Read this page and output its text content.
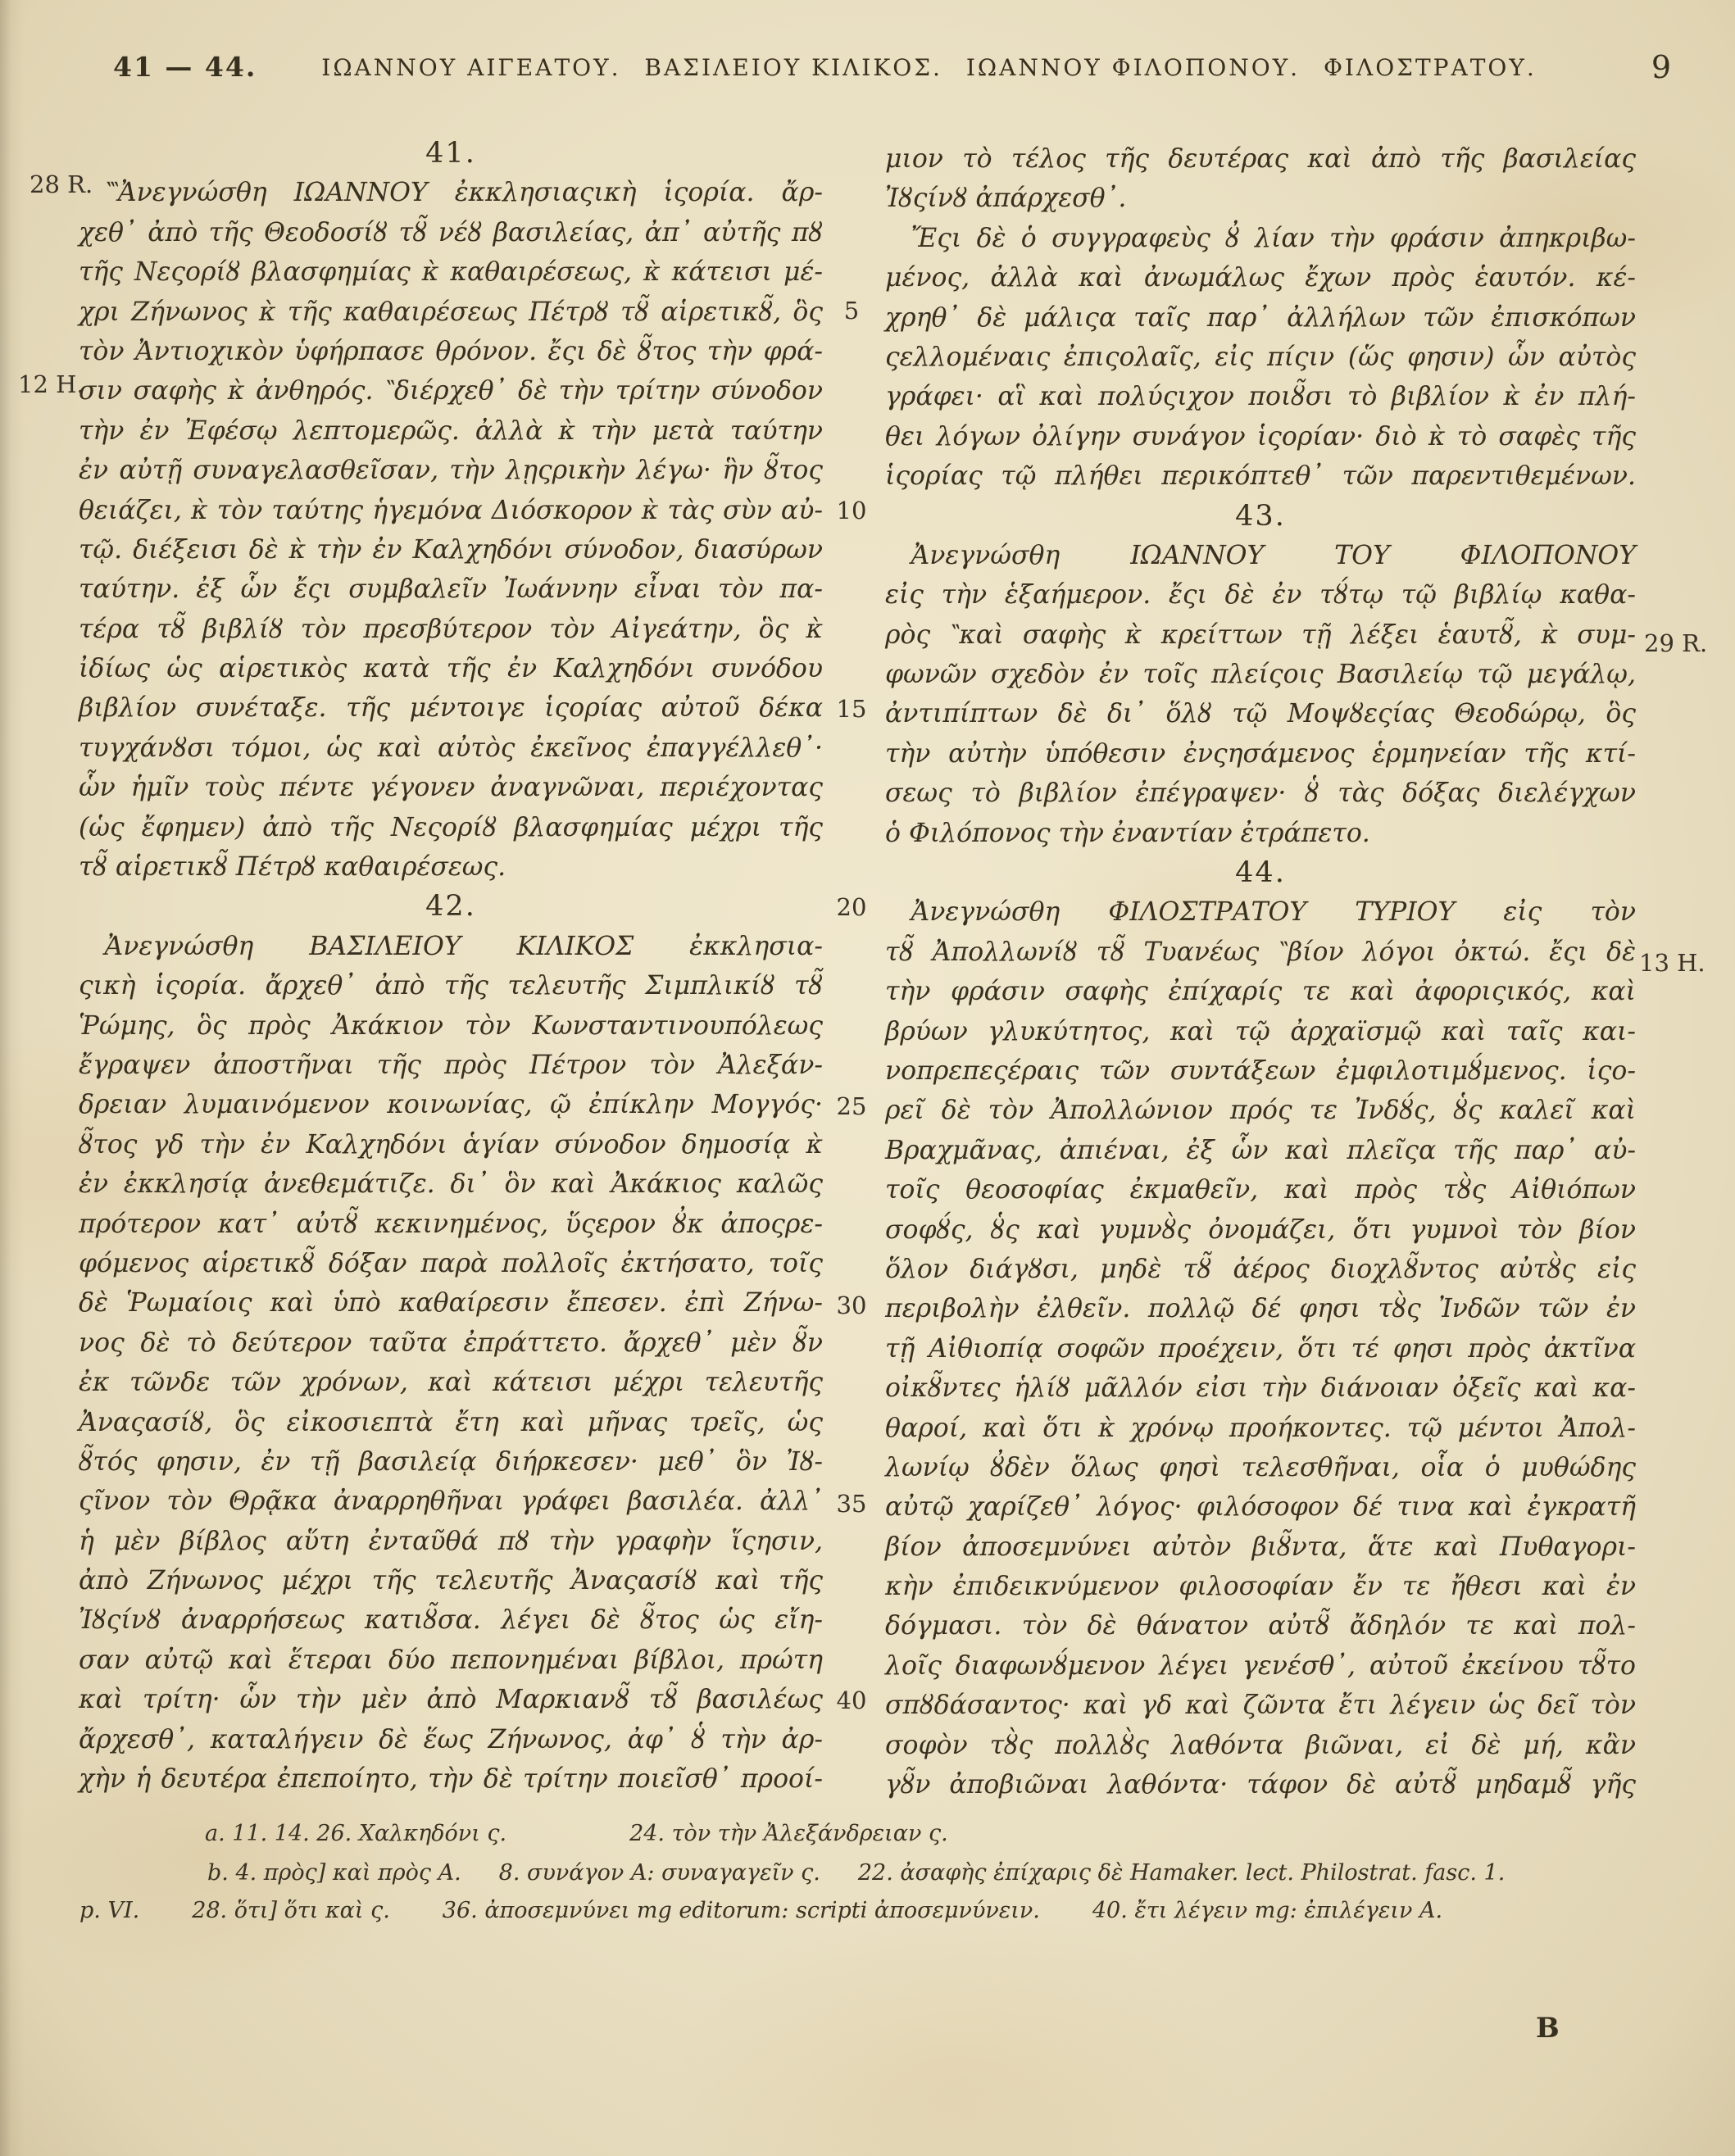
41 — 44.	ΙΩΑΝΝΟΥ ΑΙΓΕΑΤΟΥ.  ΒΑΣΙΛΕΙΟΥ ΚΙΛΙΚΟΣ.  ΙΩΑΝΝΟΥ ΦΙΛΟΠΟΝΟΥ.  ΦΙΛΟΣΤΡΑΤΟΥ.	9
41.
 ‷Ἀνεγνώσθη ΙΩΑΝΝΟΥ ἐκκλησιαςικὴ ἱςορία. ἄρ-
χεθ᾽ ἀπὸ τῆς Θεοδοσίȣ τȣ̃ νέȣ βασιλείας, ἀπ᾽ αὐτῆς πȣ
τῆς Νεςορίȣ βλασφημίας κ̀ καθαιρέσεως, κ̀ κάτεισι μέ-
χρι Ζήνωνος κ̀ τῆς καθαιρέσεως Πέτρȣ τȣ̃ αἱρετικȣ̃, ὃς
τὸν Ἀντιοχικὸν ὑφήρπασε θρόνον. ἔςι δὲ ȣ̃τος τὴν φρά-
σιν σαφὴς κ̀ ἀνθηρός. ‶διέρχεθ᾽ δὲ τὴν τρίτην σύνοδον
τὴν ἐν Ἐφέσῳ λεπτομερῶς. ἀλλὰ κ̀ τὴν μετὰ ταύτην
ἐν αὐτῇ συναγελασθεῖσαν, τὴν λῃςρικὴν λέγω· ἣν ȣ̃τος
θειάζει, κ̀ τὸν ταύτης ἡγεμόνα Διόσκορον κ̀ τὰς σὺν αὐ-
τῷ. διέξεισι δὲ κ̀ τὴν ἐν Καλχηδόνι σύνοδον, διασύρων
ταύτην. ἐξ ὧν ἔςι συμβαλεῖν Ἰωάννην εἶναι τὸν πα-
τέρα τȣ̃ βιβλίȣ τὸν πρεσβύτερον τὸν Αἰγεάτην, ὃς κ̀
ἰδίως ὡς αἱρετικὸς κατὰ τῆς ἐν Καλχηδόνι συνόδου
βιβλίον συνέταξε. τῆς μέντοιγε ἱςορίας αὐτοῦ δέκα
τυγχάνȣσι τόμοι, ὡς καὶ αὐτὸς ἐκεῖνος ἐπαγγέλλεθ᾽·
ὧν ἡμῖν τοὺς πέντε γέγονεν ἀναγνῶναι, περιέχοντας
(ὡς ἔφημεν) ἀπὸ τῆς Νεςορίȣ βλασφημίας μέχρι τῆς
τȣ̃ αἱρετικȣ̃ Πέτρȣ καθαιρέσεως.
42.
 Ἀνεγνώσθη ΒΑΣΙΛΕΙΟΥ ΚΙΛΙΚΟΣ ἐκκλησια-
ςικὴ ἱςορία. ἄρχεθ᾽ ἀπὸ τῆς τελευτῆς Σιμπλικίȣ τȣ̃
Ῥώμης, ὃς πρὸς Ἀκάκιον τὸν Κωνσταντινουπόλεως
ἔγραψεν ἀποστῆναι τῆς πρὸς Πέτρον τὸν Ἀλεξάν-
δρειαν λυμαινόμενον κοινωνίας, ῷ ἐπίκλην Μογγός·
ȣ̃τος γδ τὴν ἐν Καλχηδόνι ἁγίαν σύνοδον δημοσίᾳ κ̀
ἐν ἐκκλησίᾳ ἀνεθεμάτιζε. δι᾽ ὃν καὶ Ἀκάκιος καλῶς
πρότερον κατ᾽ αὐτȣ̃ κεκινημένος, ὕςερον ȣ̓κ ἀποςρε-
φόμενος αἱρετικȣ̃ δόξαν παρὰ πολλοῖς ἐκτήσατο, τοῖς
δὲ Ῥωμαίοις καὶ ὑπὸ καθαίρεσιν ἔπεσεν. ἐπὶ Ζήνω-
νος δὲ τὸ δεύτερον ταῦτα ἐπράττετο. ἄρχεθ᾽ μὲν ȣ̃ν
ἐκ τῶνδε τῶν χρόνων, καὶ κάτεισι μέχρι τελευτῆς
Ἀναςασίȣ, ὃς εἰκοσιεπτὰ ἔτη καὶ μῆνας τρεῖς, ὡς
ȣ̃τός φησιν, ἐν τῇ βασιλείᾳ διήρκεσεν· μεθ᾽ ὃν Ἰȣ-
ςῖνον τὸν Θρᾷκα ἀναρρηθῆναι γράφει βασιλέα. ἀλλ᾽
ἡ μὲν βίβλος αὕτη ἐνταῦθά πȣ τὴν γραφὴν ἵςησιν,
ἀπὸ Ζήνωνος μέχρι τῆς τελευτῆς Ἀναςασίȣ καὶ τῆς
Ἰȣςίνȣ ἀναρρήσεως κατιȣ̃σα. λέγει δὲ ȣ̃τος ὡς εἴη-
σαν αὐτῷ καὶ ἕτεραι δύο πεπονημέναι βίβλοι, πρώτη
καὶ τρίτη· ὧν τὴν μὲν ἀπὸ Μαρκιανȣ̃ τȣ̃ βασιλέως
ἄρχεσθ᾽, καταλήγειν δὲ ἕως Ζήνωνος, ἀφ᾽ ȣ̔ τὴν ἀρ-
χὴν ἡ δευτέρα ἐπεποίητο, τὴν δὲ τρίτην ποιεῖσθ᾽ προοί-
μιον τὸ τέλος τῆς δευτέρας καὶ ἀπὸ τῆς βασιλείας
Ἰȣςίνȣ ἀπάρχεσθ᾽.
 Ἔςι δὲ ὁ συγγραφεὺς ȣ̓ λίαν τὴν φράσιν ἀπηκριβω-
μένος, ἀλλὰ καὶ ἀνωμάλως ἔχων πρὸς ἑαυτόν. κέ-
χρηθ᾽ δὲ μάλιςα ταῖς παρ᾽ ἀλλήλων τῶν ἐπισκόπων
ςελλομέναις ἐπιςολαῖς, εἰς πίςιν (ὥς φησιν) ὧν αὐτὸς
γράφει· αἳ καὶ πολύςιχον ποιȣ̃σι τὸ βιβλίον κ̀ ἐν πλή-
θει λόγων ὀλίγην συνάγον ἱςορίαν· διὸ κ̀ τὸ σαφὲς τῆς
ἱςορίας τῷ πλήθει περικόπτεθ᾽ τῶν παρεντιθεμένων.
43.
 Ἀνεγνώσθη ΙΩΑΝΝΟΥ ΤΟΥ ΦΙΛΟΠΟΝΟΥ
εἰς τὴν ἑξαήμερον. ἔςι δὲ ἐν τȣ́τῳ τῷ βιβλίῳ καθα-
ρὸς ‶καὶ σαφὴς κ̀ κρείττων τῇ λέξει ἑαυτȣ̃, κ̀ συμ-
φωνῶν σχεδὸν ἐν τοῖς πλείςοις Βασιλείῳ τῷ μεγάλῳ,
ἀντιπίπτων δὲ δι᾽ ὅλȣ τῷ Μοψȣεςίας Θεοδώρῳ, ὃς
τὴν αὐτὴν ὑπόθεσιν ἐνςησάμενος ἑρμηνείαν τῆς κτί-
σεως τὸ βιβλίον ἐπέγραψεν· ȣ̔ τὰς δόξας διελέγχων
ὁ Φιλόπονος τὴν ἐναντίαν ἐτράπετο.
44.
 Ἀνεγνώσθη ΦΙΛΟΣΤΡΑΤΟΥ ΤΥΡΙΟΥ εἰς τὸν
τȣ̃ Ἀπολλωνίȣ τȣ̃ Τυανέως ‶βίον λόγοι ὀκτώ. ἔςι δὲ
τὴν φράσιν σαφὴς ἐπίχαρίς τε καὶ ἀφοριςικός, καὶ
βρύων γλυκύτητος, καὶ τῷ ἀρχαϊσμῷ καὶ ταῖς και-
νοπρεπεςέραις τῶν συντάξεων ἐμφιλοτιμȣ́μενος. ἱςο-
ρεῖ δὲ τὸν Ἀπολλώνιον πρός τε Ἰνδȣ́ς, ȣ̔ς καλεῖ καὶ
Βραχμᾶνας, ἀπιέναι, ἐξ ὧν καὶ πλεῖςα τῆς παρ᾽ αὐ-
τοῖς θεοσοφίας ἐκμαθεῖν, καὶ πρὸς τȣ̀ς Αἰθιόπων
σοφȣ́ς, ȣ̔ς καὶ γυμνȣ̀ς ὀνομάζει, ὅτι γυμνοὶ τὸν βίον
ὅλον διάγȣσι, μηδὲ τȣ̃ ἀέρος διοχλȣ̃ντος αὐτȣ̀ς εἰς
περιβολὴν ἐλθεῖν. πολλῷ δέ φησι τȣ̀ς Ἰνδῶν τῶν ἐν
τῇ Αἰθιοπίᾳ σοφῶν προέχειν, ὅτι τέ φησι πρὸς ἀκτῖνα
οἰκȣ̃ντες ἡλίȣ μᾶλλόν εἰσι τὴν διάνοιαν ὀξεῖς καὶ κα-
θαροί, καὶ ὅτι κ̀ χρόνῳ προήκοντες. τῷ μέντοι Ἀπολ-
λωνίῳ ȣ̓δὲν ὅλως φησὶ τελεσθῆναι, οἷα ὁ μυθώδης
αὐτῷ χαρίζεθ᾽ λόγος· φιλόσοφον δέ τινα καὶ ἐγκρατῆ
βίον ἀποσεμνύνει αὐτὸν βιȣ̃ντα, ἅτε καὶ Πυθαγορι-
κὴν ἐπιδεικνύμενον φιλοσοφίαν ἔν τε ἤθεσι καὶ ἐν
δόγμασι. τὸν δὲ θάνατον αὐτȣ̃ ἄδηλόν τε καὶ πολ-
λοῖς διαφωνȣ́μενον λέγει γενέσθ᾽, αὐτοῦ ἐκείνου τȣ̃το
σπȣδάσαντος· καὶ γδ καὶ ζῶντα ἔτι λέγειν ὡς δεῖ τὸν
σοφὸν τȣ̀ς πολλȣ̀ς λαθόντα βιῶναι, εἰ δὲ μή, κἂν
γȣ̃ν ἀποβιῶναι λαθόντα· τάφον δὲ αὐτȣ̃ μηδαμȣ̃ γῆς
5
10
15
20
25
30
35
40
28 R.
12 H.
29 R.
13 H.
a. 11. 14. 26. Χαλκηδόνι ς.	24. τὸν τὴν Ἀλεξάνδρειαν ς.
b. 4. πρὸς] καὶ πρὸς A. 8. συνάγον A: συναγαγεῖν ς. 22. ἀσαφὴς ἐπίχαρις δὲ Hamaker. lect. Philostrat. fasc. 1.
p. VI. 28. ὅτι] ὅτι καὶ ς. 36. ἀποσεμνύνει mg editorum: scripti ἀποσεμνύνειν. 40. ἔτι λέγειν mg: ἐπιλέγειν A.
B
